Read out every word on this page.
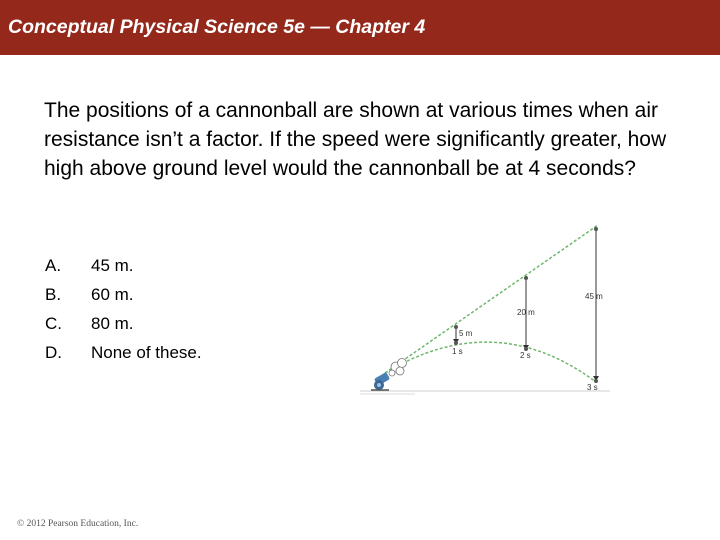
Conceptual Physical Science 5e — Chapter 4
The positions of a cannonball are shown at various times when air resistance isn’t a factor. If the speed were significantly greater, how high above ground level would the cannonball be at 4 seconds?
A. 45 m.
B. 60 m.
C. 80 m.
D. None of these.
5 m
20 m
45 m
1 s	2 s
3 s
© 2012 Pearson Education, Inc.
